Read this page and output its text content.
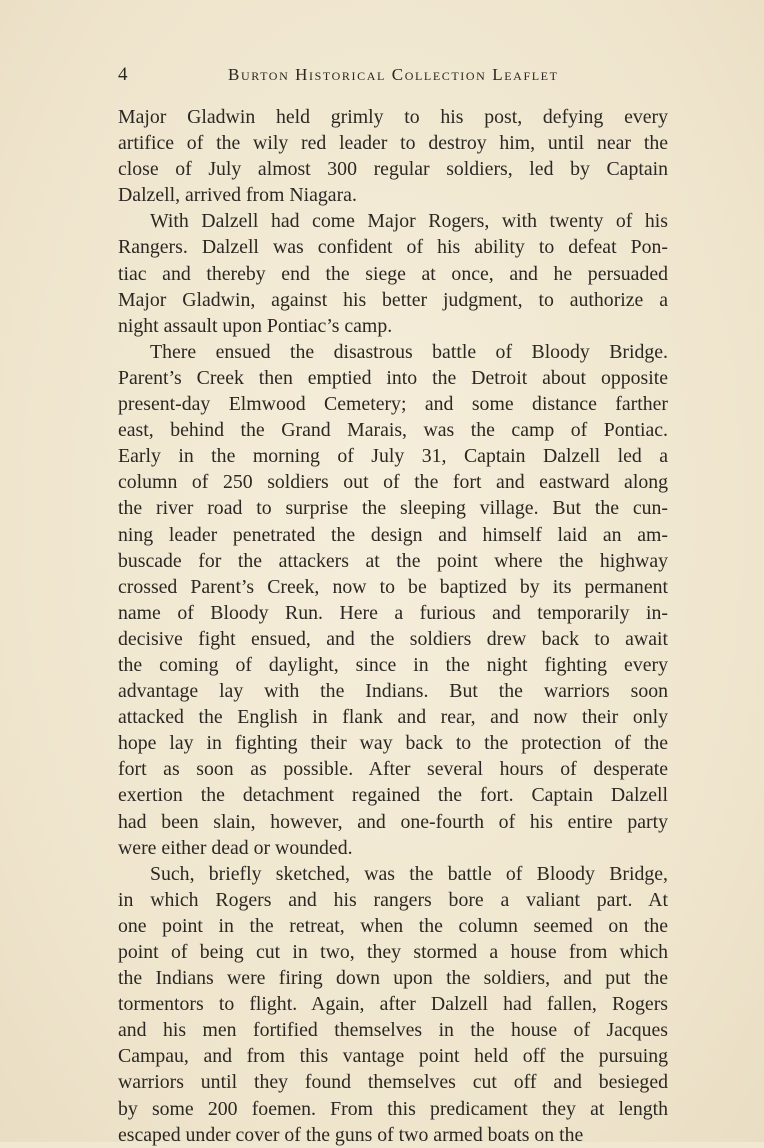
4	Burton Historical Collection Leaflet
Major Gladwin held grimly to his post, defying every
artifice of the wily red leader to destroy him, until near the
close of July almost 300 regular soldiers, led by Captain
Dalzell, arrived from Niagara.
With Dalzell had come Major Rogers, with twenty of his
Rangers. Dalzell was confident of his ability to defeat Pon-
tiac and thereby end the siege at once, and he persuaded
Major Gladwin, against his better judgment, to authorize a
night assault upon Pontiac’s camp.
There ensued the disastrous battle of Bloody Bridge.
Parent’s Creek then emptied into the Detroit about opposite
present-day Elmwood Cemetery; and some distance farther
east, behind the Grand Marais, was the camp of Pontiac.
Early in the morning of July 31, Captain Dalzell led a
column of 250 soldiers out of the fort and eastward along
the river road to surprise the sleeping village. But the cun-
ning leader penetrated the design and himself laid an am-
buscade for the attackers at the point where the highway
crossed Parent’s Creek, now to be baptized by its permanent
name of Bloody Run. Here a furious and temporarily in-
decisive fight ensued, and the soldiers drew back to await
the coming of daylight, since in the night fighting every
advantage lay with the Indians. But the warriors soon
attacked the English in flank and rear, and now their only
hope lay in fighting their way back to the protection of the
fort as soon as possible. After several hours of desperate
exertion the detachment regained the fort. Captain Dalzell
had been slain, however, and one-fourth of his entire party
were either dead or wounded.
Such, briefly sketched, was the battle of Bloody Bridge,
in which Rogers and his rangers bore a valiant part. At
one point in the retreat, when the column seemed on the
point of being cut in two, they stormed a house from which
the Indians were firing down upon the soldiers, and put the
tormentors to flight. Again, after Dalzell had fallen, Rogers
and his men fortified themselves in the house of Jacques
Campau, and from this vantage point held off the pursuing
warriors until they found themselves cut off and besieged
by some 200 foemen. From this predicament they at length
escaped under cover of the guns of two armed boats on the
